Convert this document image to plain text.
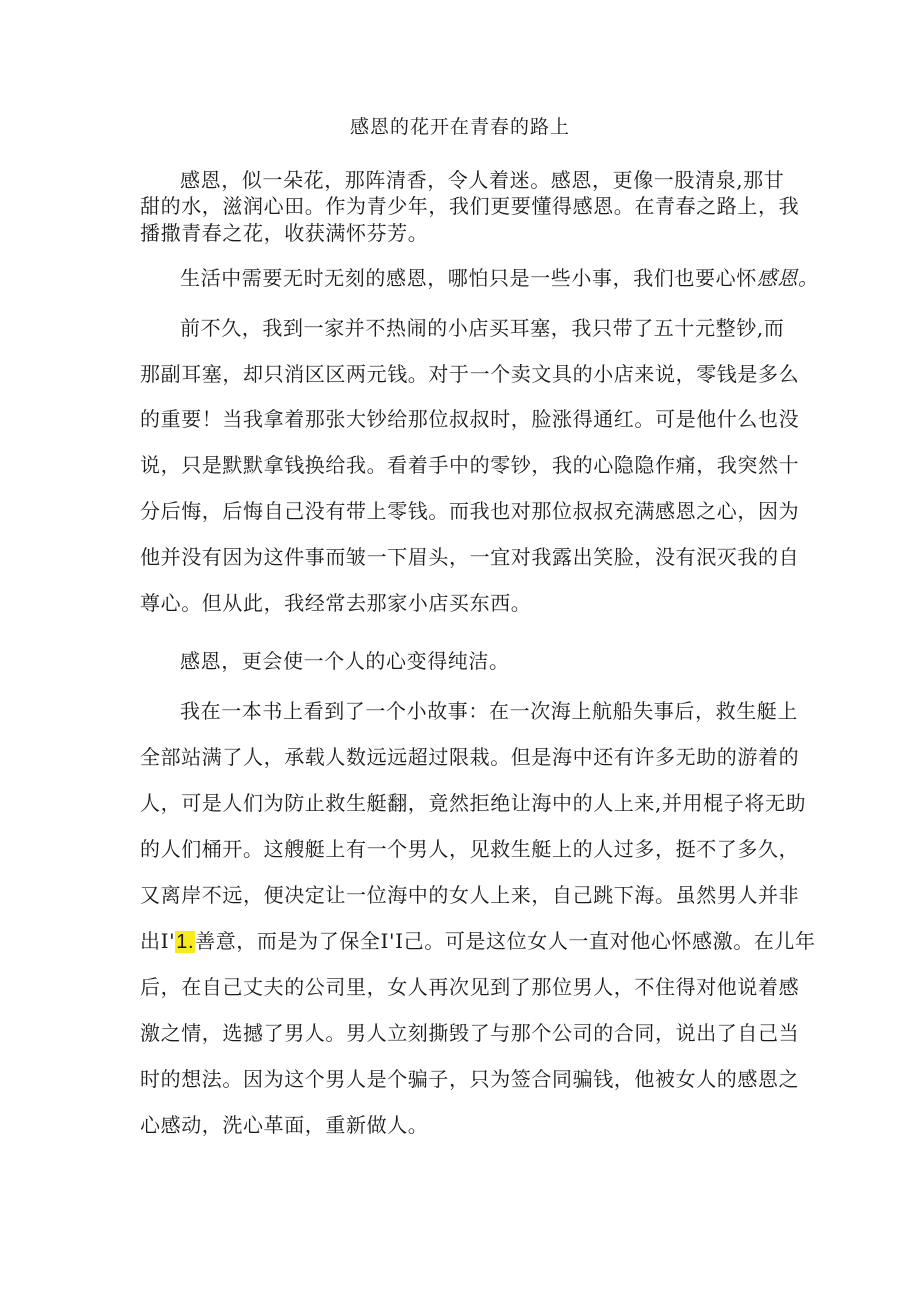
感恩的花开在青春的路上
感恩，似一朵花，那阵清香，令人着迷。感恩，更像一股清泉,那甘
甜的水，滋润心田。作为青少年，我们更要懂得感恩。在青春之路上，我
播撒青春之花，收获满怀芬芳。
生活中需要无时无刻的感恩，哪怕只是一些小事，我们也要心怀感恩。
前不久，我到一家并不热闹的小店买耳塞，我只带了五十元整钞,而
那副耳塞，却只消区区两元钱。对于一个卖文具的小店来说，零钱是多么
的重要！当我拿着那张大钞给那位叔叔时，脸涨得通红。可是他什么也没
说，只是默默拿钱换给我。看着手中的零钞，我的心隐隐作痛，我突然十
分后悔，后悔自己没有带上零钱。而我也对那位叔叔充满感恩之心，因为
他并没有因为这件事而皱一下眉头，一宜对我露出笑脸，没有泯灭我的自
尊心。但从此，我经常去那家小店买东西。
感恩，更会使一个人的心变得纯洁。
我在一本书上看到了一个小故事：在一次海上航船失事后，救生艇上
全部站满了人，承载人数远远超过限栽。但是海中还有许多无助的游着的
人，可是人们为防止救生艇翻，竟然拒绝让海中的人上来,并用棍子将无助
的人们桶开。这艘艇上有一个男人，见救生艇上的人过多，挺不了多久，
又离岸不远，便决定让一位海中的女人上来，自己跳下海。虽然男人并非
出I'1.善意，而是为了保全I'I己。可是这位女人一直对他心怀感激。在儿年
后，在自己丈夫的公司里，女人再次见到了那位男人，不住得对他说着感
激之情，选撼了男人。男人立刻撕毁了与那个公司的合同，说出了自己当
时的想法。因为这个男人是个骗子，只为签合同骗钱，他被女人的感恩之
心感动，洗心革面，重新做人。
